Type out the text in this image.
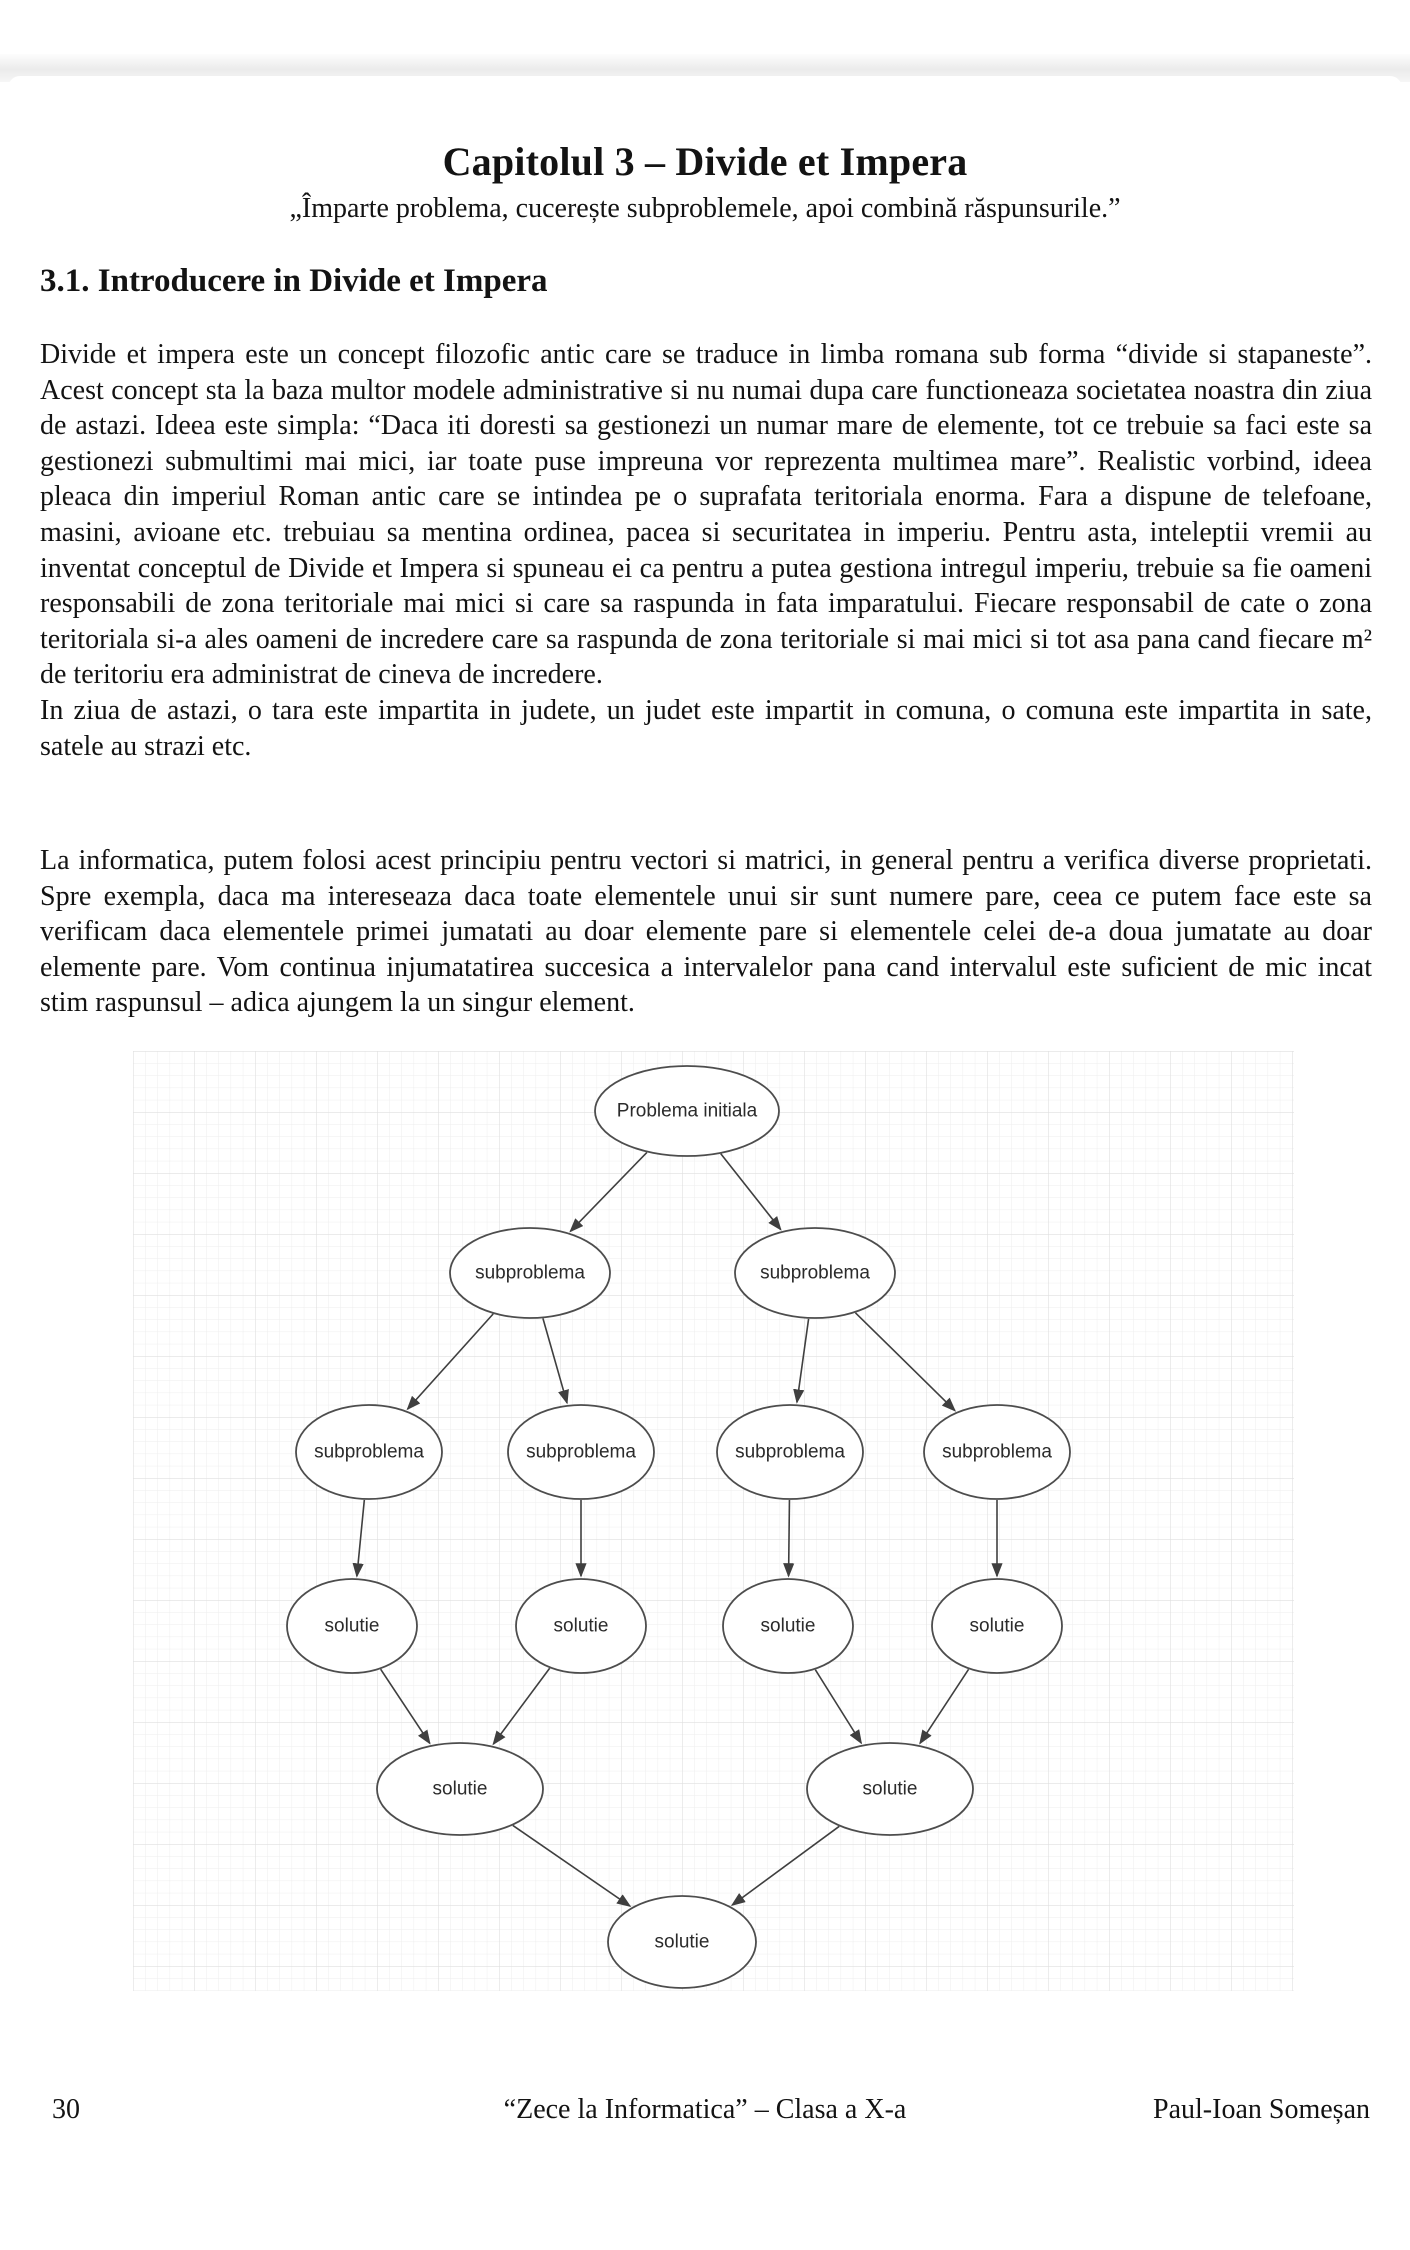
Capitolul 3 – Divide et Impera
„Împarte problema, cucerește subproblemele, apoi combină răspunsurile.”
3.1. Introducere in Divide et Impera
Divide et impera este un concept filozofic antic care se traduce in limba romana sub forma “divide si stapaneste”. Acest concept sta la baza multor modele administrative si nu numai dupa care functioneaza societatea noastra din ziua de astazi. Ideea este simpla: “Daca iti doresti sa gestionezi un numar mare de elemente, tot ce trebuie sa faci este sa gestionezi submultimi mai mici, iar toate puse impreuna vor reprezenta multimea mare”. Realistic vorbind, ideea pleaca din imperiul Roman antic care se intindea pe o suprafata teritoriala enorma. Fara a dispune de telefoane, masini, avioane etc. trebuiau sa mentina ordinea, pacea si securitatea in imperiu. Pentru asta, inteleptii vremii au inventat conceptul de Divide et Impera si spuneau ei ca pentru a putea gestiona intregul imperiu, trebuie sa fie oameni responsabili de zona teritoriale mai mici si care sa raspunda in fata imparatului. Fiecare responsabil de cate o zona teritoriala si-a ales oameni de incredere care sa raspunda de zona teritoriale si mai mici si tot asa pana cand fiecare m² de teritoriu era administrat de cineva de incredere.
In ziua de astazi, o tara este impartita in judete, un judet este impartit in comuna, o comuna este impartita in sate, satele au strazi etc.
La informatica, putem folosi acest principiu pentru vectori si matrici, in general pentru a verifica diverse proprietati. Spre exempla, daca ma intereseaza daca toate elementele unui sir sunt numere pare, ceea ce putem face este sa verificam daca elementele primei jumatati au doar elemente pare si elementele celei de-a doua jumatate au doar elemente pare. Vom continua injumatatirea succesica a intervalelor pana cand intervalul este suficient de mic incat stim raspunsul – adica ajungem la un singur element.
Problema initiala
subproblema	subproblema
subproblema	subproblema	subproblema	subproblema
solutie	solutie	solutie	solutie
solutie	solutie
solutie
30	“Zece la Informatica” – Clasa a X-a	Paul-Ioan Someșan
